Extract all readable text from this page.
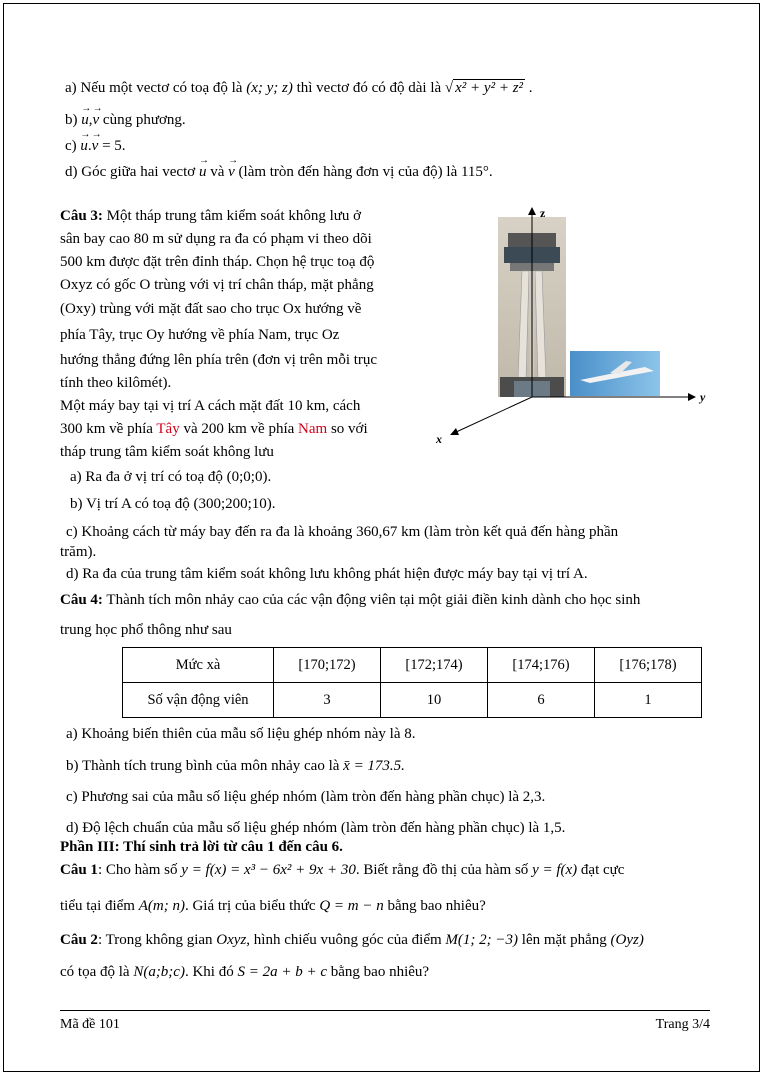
a) Nếu một vectơ có toạ độ là (x; y; z) thì vectơ đó có độ dài là √ x² + y² + z² .
b) → u,→ v cùng phương.
c) → u.→ v = 5.
d) Góc giữa hai vectơ → u và → v (làm tròn đến hàng đơn vị của độ) là 115°.
Câu 3: Một tháp trung tâm kiểm soát không lưu ở
sân bay cao 80 m sử dụng ra đa có phạm vi theo dõi
500 km được đặt trên đỉnh tháp. Chọn hệ trục toạ độ
Oxyz có gốc O trùng với vị trí chân tháp, mặt phẳng
(Oxy) trùng với mặt đất sao cho trục Ox hướng về
phía Tây, trục Oy hướng về phía Nam, trục Oz
hướng thẳng đứng lên phía trên (đơn vị trên mỗi trục
tính theo kilômét).
Một máy bay tại vị trí A cách mặt đất 10 km, cách
300 km về phía Tây và 200 km về phía Nam so với
tháp trung tâm kiểm soát không lưu
a) Ra đa ở vị trí có toạ độ (0;0;0).
b) Vị trí A có toạ độ (300;200;10).
c) Khoảng cách từ máy bay đến ra đa là khoảng 360,67 km (làm tròn kết quả đến hàng phần
trăm).
d) Ra đa của trung tâm kiểm soát không lưu không phát hiện được máy bay tại vị trí A.
z
y
x
Câu 4: Thành tích môn nhảy cao của các vận động viên tại một giải điền kinh dành cho học sinh
trung học phổ thông như sau
Mức xà	[170;172)	[172;174)	[174;176)	[176;178)
Số vận động viên	3	10	6	1
a) Khoảng biến thiên của mẫu số liệu ghép nhóm này là 8.
b) Thành tích trung bình của môn nhảy cao là x̄ = 173.5.
c) Phương sai của mẫu số liệu ghép nhóm (làm tròn đến hàng phần chục) là 2,3.
d) Độ lệch chuẩn của mẫu số liệu ghép nhóm (làm tròn đến hàng phần chục) là 1,5.
Phần III: Thí sinh trả lời từ câu 1 đến câu 6.
Câu 1: Cho hàm số y = f(x) = x³ − 6x² + 9x + 30. Biết rằng đồ thị của hàm số y = f(x) đạt cực
tiểu tại điểm A(m; n). Giá trị của biểu thức Q = m − n bằng bao nhiêu?
Câu 2: Trong không gian Oxyz, hình chiếu vuông góc của điểm M(1; 2; −3) lên mặt phẳng (Oyz)
có tọa độ là N(a;b;c). Khi đó S = 2a + b + c bằng bao nhiêu?
Mã đề 101	Trang 3/4
